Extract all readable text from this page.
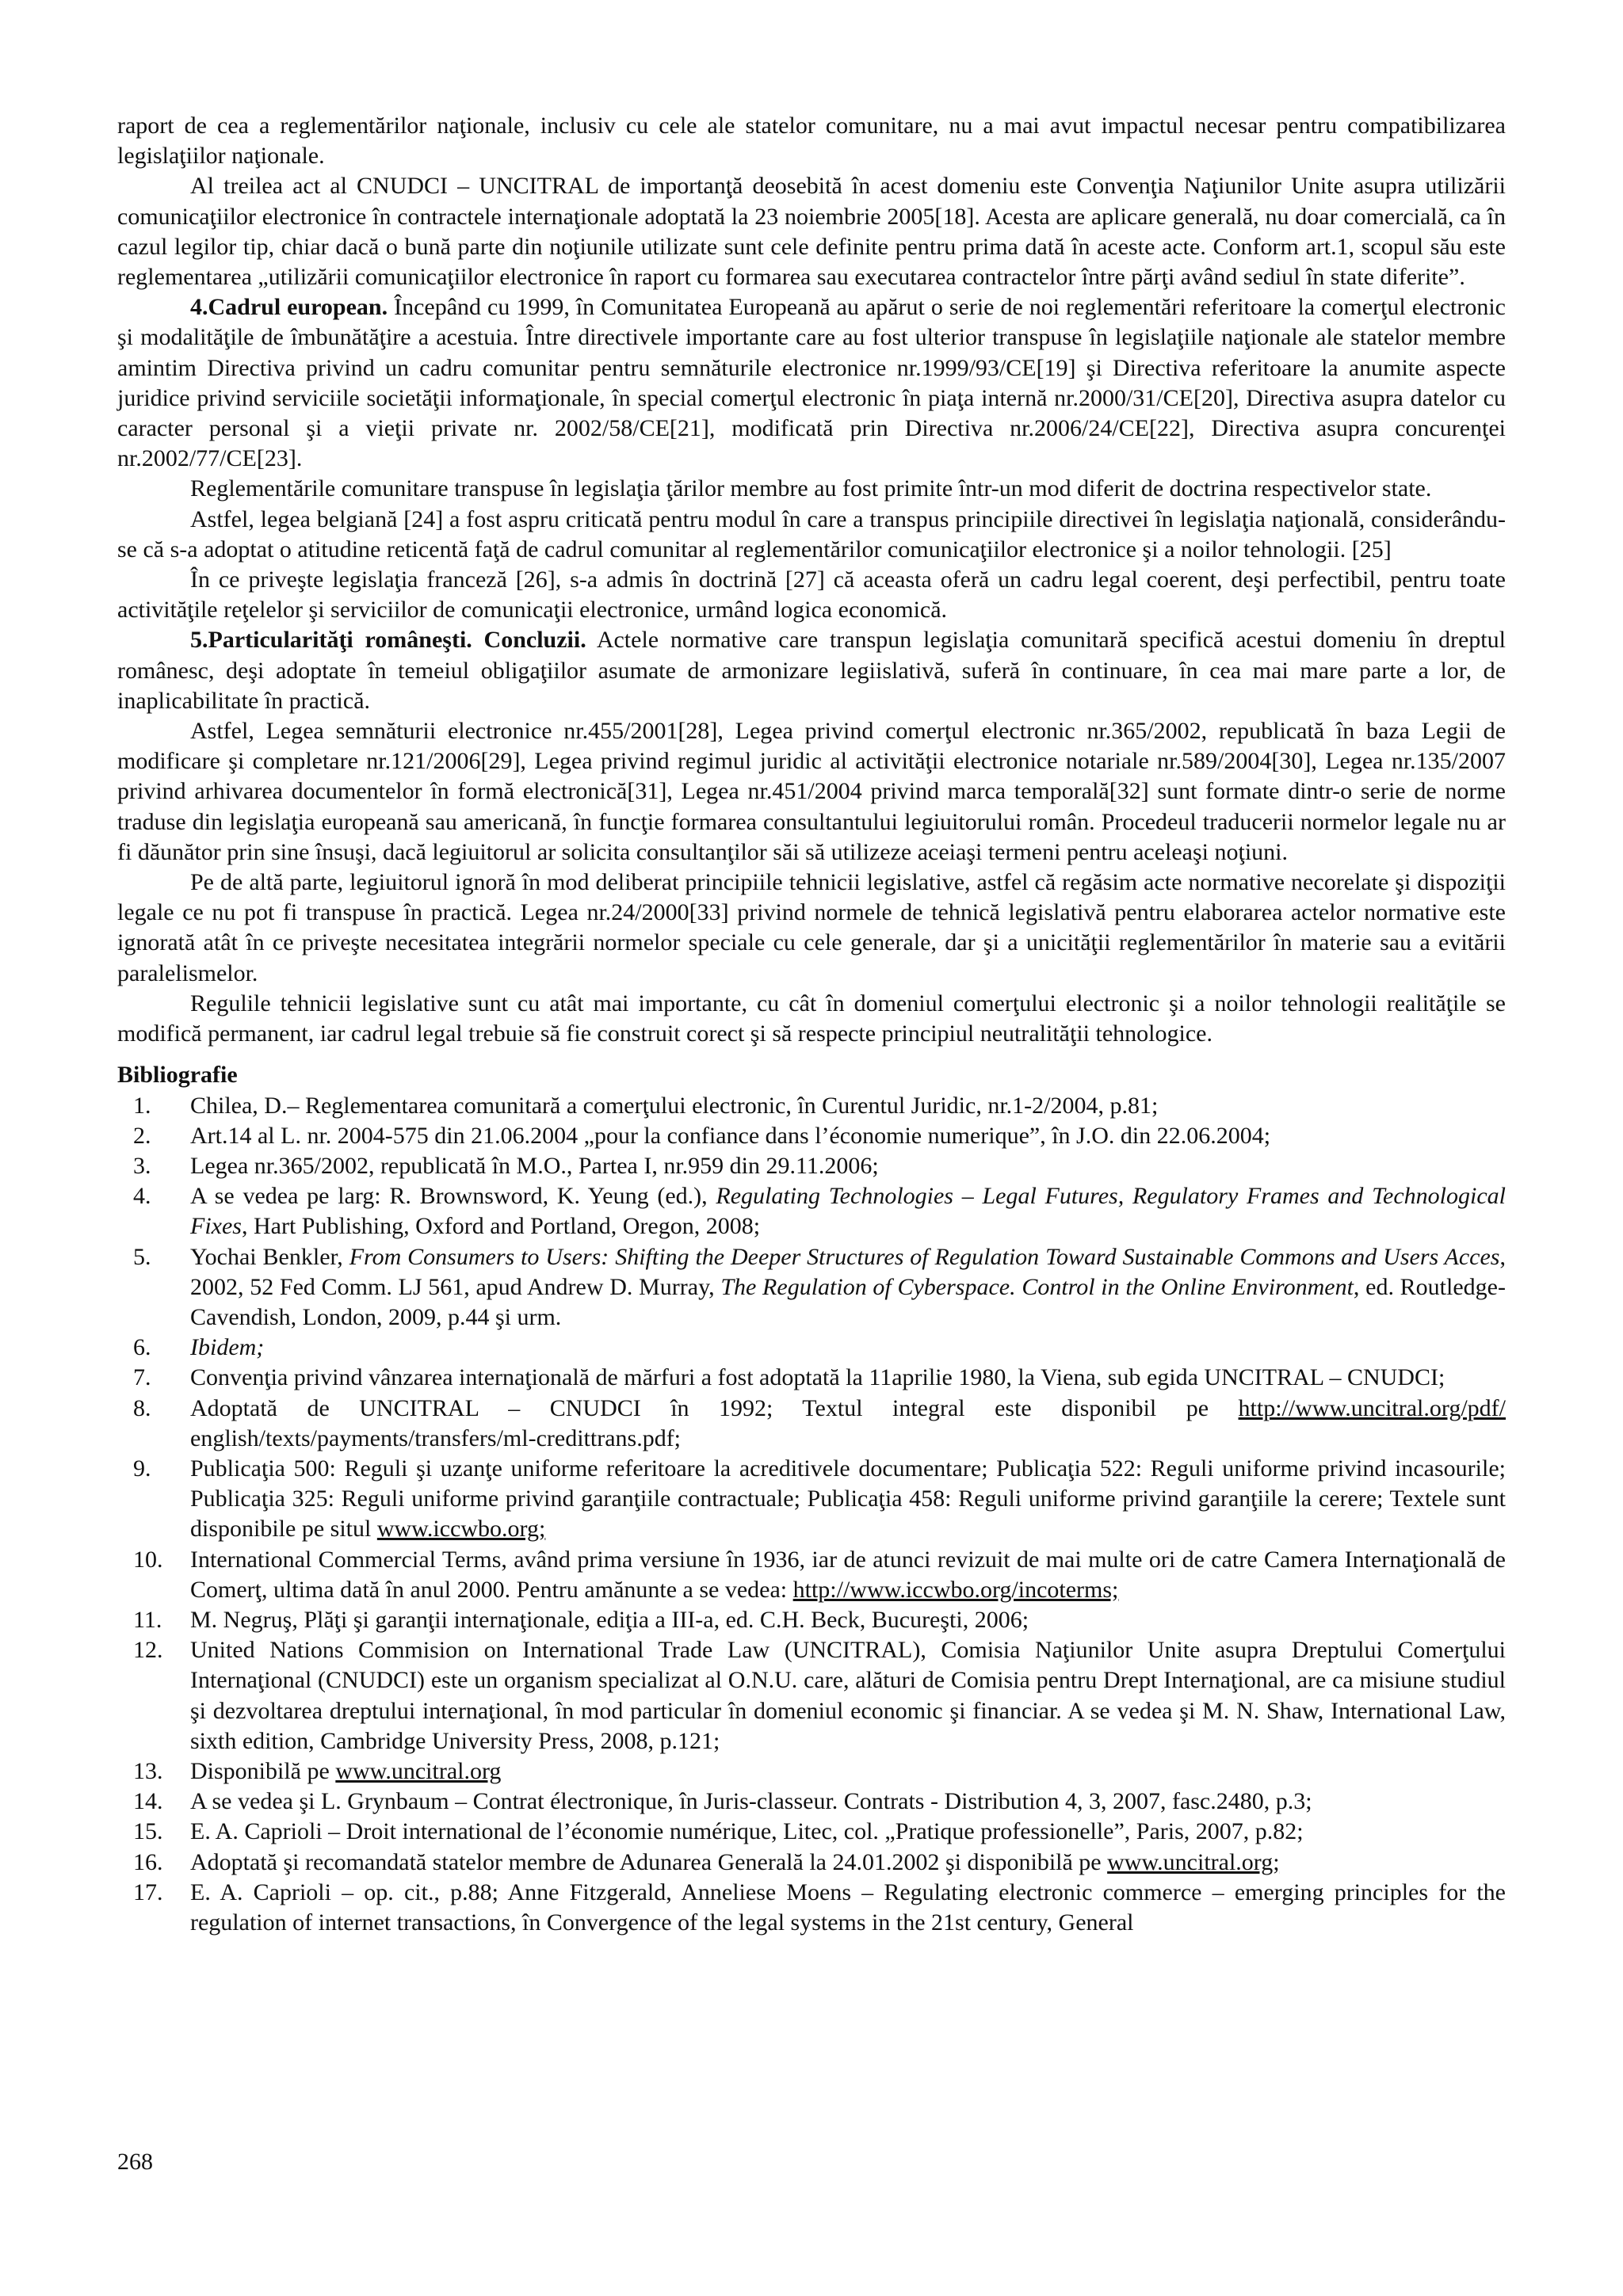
raport de cea a reglementărilor naţionale, inclusiv cu cele ale statelor comunitare, nu a mai avut impactul necesar pentru compatibilizarea legislaţiilor naţionale.

Al treilea act al CNUDCI – UNCITRAL de importanţă deosebită în acest domeniu este Convenţia Naţiunilor Unite asupra utilizării comunicaţiilor electronice în contractele internaţionale adoptată la 23 noiembrie 2005[18]. Acesta are aplicare generală, nu doar comercială, ca în cazul legilor tip, chiar dacă o bună parte din noţiunile utilizate sunt cele definite pentru prima dată în aceste acte. Conform art.1, scopul său este reglementarea „utilizării comunicaţiilor electronice în raport cu formarea sau executarea contractelor între părţi având sediul în state diferite”.

4.Cadrul european. Începând cu 1999, în Comunitatea Europeană au apărut o serie de noi reglementări referitoare la comerţul electronic şi modalităţile de îmbunătăţire a acestuia. Între directivele importante care au fost ulterior transpuse în legislaţiile naţionale ale statelor membre amintim Directiva privind un cadru comunitar pentru semnăturile electronice nr.1999/93/CE[19] şi Directiva referitoare la anumite aspecte juridice privind serviciile societăţii informaţionale, în special comerţul electronic în piaţa internă nr.2000/31/CE[20], Directiva asupra datelor cu caracter personal şi a vieţii private nr. 2002/58/CE[21], modificată prin Directiva nr.2006/24/CE[22], Directiva asupra concurenţei nr.2002/77/CE[23].

Reglementările comunitare transpuse în legislaţia ţărilor membre au fost primite într-un mod diferit de doctrina respectivelor state.

Astfel, legea belgiană [24] a fost aspru criticată pentru modul în care a transpus principiile directivei în legislaţia naţională, considerându-se că s-a adoptat o atitudine reticentă faţă de cadrul comunitar al reglementărilor comunicaţiilor electronice şi a noilor tehnologii. [25]

În ce priveşte legislaţia franceză [26], s-a admis în doctrină [27] că aceasta oferă un cadru legal coerent, deşi perfectibil, pentru toate activităţile reţelelor şi serviciilor de comunicaţii electronice, urmând logica economică.

5.Particularităţi româneşti. Concluzii. Actele normative care transpun legislaţia comunitară specifică acestui domeniu în dreptul românesc, deşi adoptate în temeiul obligaţiilor asumate de armonizare legiislativă, suferă în continuare, în cea mai mare parte a lor, de inaplicabilitate în practică.

Astfel, Legea semnăturii electronice nr.455/2001[28], Legea privind comerţul electronic nr.365/2002, republicată în baza Legii de modificare şi completare nr.121/2006[29], Legea privind regimul juridic al activităţii electronice notariale nr.589/2004[30], Legea nr.135/2007 privind arhivarea documentelor în formă electronică[31], Legea nr.451/2004 privind marca temporală[32] sunt formate dintr-o serie de norme traduse din legislaţia europeană sau americană, în funcţie formarea consultantului legiuitorului român. Procedeul traducerii normelor legale nu ar fi dăunător prin sine însuşi, dacă legiuitorul ar solicita consultanţilor săi să utilizeze aceiaşi termeni pentru aceleaşi noţiuni.

Pe de altă parte, legiuitorul ignoră în mod deliberat principiile tehnicii legislative, astfel că regăsim acte normative necorelate şi dispoziţii legale ce nu pot fi transpuse în practică. Legea nr.24/2000[33] privind normele de tehnică legislativă pentru elaborarea actelor normative este ignorată atât în ce priveşte necesitatea integrării normelor speciale cu cele generale, dar şi a unicităţii reglementărilor în materie sau a evitării paralelismelor.

Regulile tehnicii legislative sunt cu atât mai importante, cu cât în domeniul comerţului electronic şi a noilor tehnologii realităţile se modifică permanent, iar cadrul legal trebuie să fie construit corect şi să respecte principiul neutralităţii tehnologice.

Bibliografie

1. Chilea, D.– Reglementarea comunitară a comerţului electronic, în Curentul Juridic, nr.1-2/2004, p.81;
2. Art.14 al L. nr. 2004-575 din 21.06.2004 „pour la confiance dans l’économie numerique”, în J.O. din 22.06.2004;
3. Legea nr.365/2002, republicată în M.O., Partea I, nr.959 din 29.11.2006;
4. A se vedea pe larg: R. Brownsword, K. Yeung (ed.), Regulating Technologies – Legal Futures, Regulatory Frames and Technological Fixes, Hart Publishing, Oxford and Portland, Oregon, 2008;
5. Yochai Benkler, From Consumers to Users: Shifting the Deeper Structures of Regulation Toward Sustainable Commons and Users Acces, 2002, 52 Fed Comm. LJ 561, apud Andrew D. Murray, The Regulation of Cyberspace. Control in the Online Environment, ed. Routledge-Cavendish, London, 2009, p.44 şi urm.
6. Ibidem;
7. Convenţia privind vânzarea internaţională de mărfuri a fost adoptată la 11aprilie 1980, la Viena, sub egida UNCITRAL – CNUDCI;
8. Adoptată de UNCITRAL – CNUDCI în 1992; Textul integral este disponibil pe http://www.uncitral.org/pdf/ english/texts/payments/transfers/ml-credittrans.pdf;
9. Publicaţia 500: Reguli şi uzanţe uniforme referitoare la acreditivele documentare; Publicaţia 522: Reguli uniforme privind incasourile; Publicaţia 325: Reguli uniforme privind garanţiile contractuale; Publicaţia 458: Reguli uniforme privind garanţiile la cerere; Textele sunt disponibile pe situl www.iccwbo.org;
10. International Commercial Terms, având prima versiune în 1936, iar de atunci revizuit de mai multe ori de catre Camera Internaţională de Comerţ, ultima dată în anul 2000. Pentru amănunte a se vedea: http://www.iccwbo.org/incoterms;
11. M. Negruş, Plăţi şi garanţii internaţionale, ediţia a III-a, ed. C.H. Beck, Bucureşti, 2006;
12. United Nations Commision on International Trade Law (UNCITRAL), Comisia Naţiunilor Unite asupra Dreptului Comerţului Internaţional (CNUDCI) este un organism specializat al O.N.U. care, alături de Comisia pentru Drept Internaţional, are ca misiune studiul şi dezvoltarea dreptului internaţional, în mod particular în domeniul economic şi financiar. A se vedea şi M. N. Shaw, International Law, sixth edition, Cambridge University Press, 2008, p.121;
13. Disponibilă pe www.uncitral.org
14. A se vedea şi L. Grynbaum – Contrat électronique, în Juris-classeur. Contrats - Distribution 4, 3, 2007, fasc.2480, p.3;
15. E. A. Caprioli – Droit international de l’économie numérique, Litec, col. „Pratique professionelle”, Paris, 2007, p.82;
16. Adoptată şi recomandată statelor membre de Adunarea Generală la 24.01.2002 şi disponibilă pe www.uncitral.org;
17. E. A. Caprioli – op. cit., p.88; Anne Fitzgerald, Anneliese Moens – Regulating electronic commerce – emerging principles for the regulation of internet transactions, în Convergence of the legal systems in the 21st century, General
268
